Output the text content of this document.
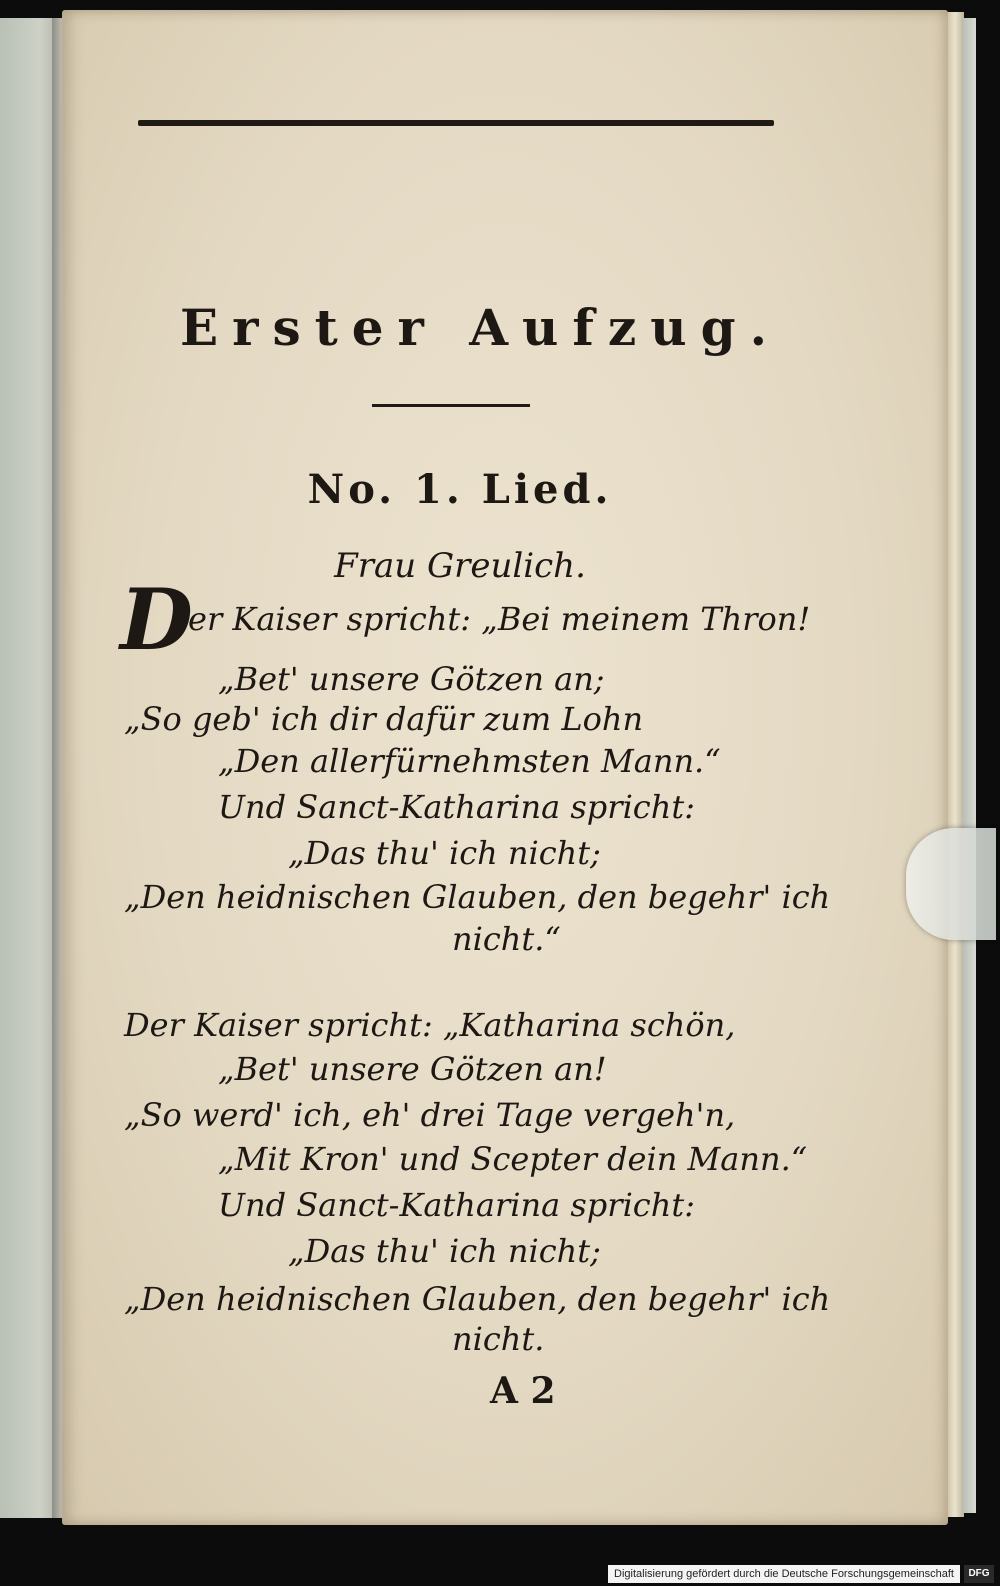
Erster Aufzug.
No. 1. Lied.
Frau Greulich.
D
er Kaiser spricht: „Bei meinem Thron!
„Bet' unsere Götzen an;
„So geb' ich dir dafür zum Lohn
„Den allerfürnehmsten Mann.“
Und Sanct-Katharina spricht:
„Das thu' ich nicht;
„Den heidnischen Glauben, den begehr' ich
nicht.“
Der Kaiser spricht: „Katharina schön,
„Bet' unsere Götzen an!
„So werd' ich, eh' drei Tage vergeh'n,
„Mit Kron' und Scepter dein Mann.“
Und Sanct-Katharina spricht:
„Das thu' ich nicht;
„Den heidnischen Glauben, den begehr' ich
nicht.
A 2
Digitalisierung gefördert durch die Deutsche Forschungsgemeinschaft	DFG
